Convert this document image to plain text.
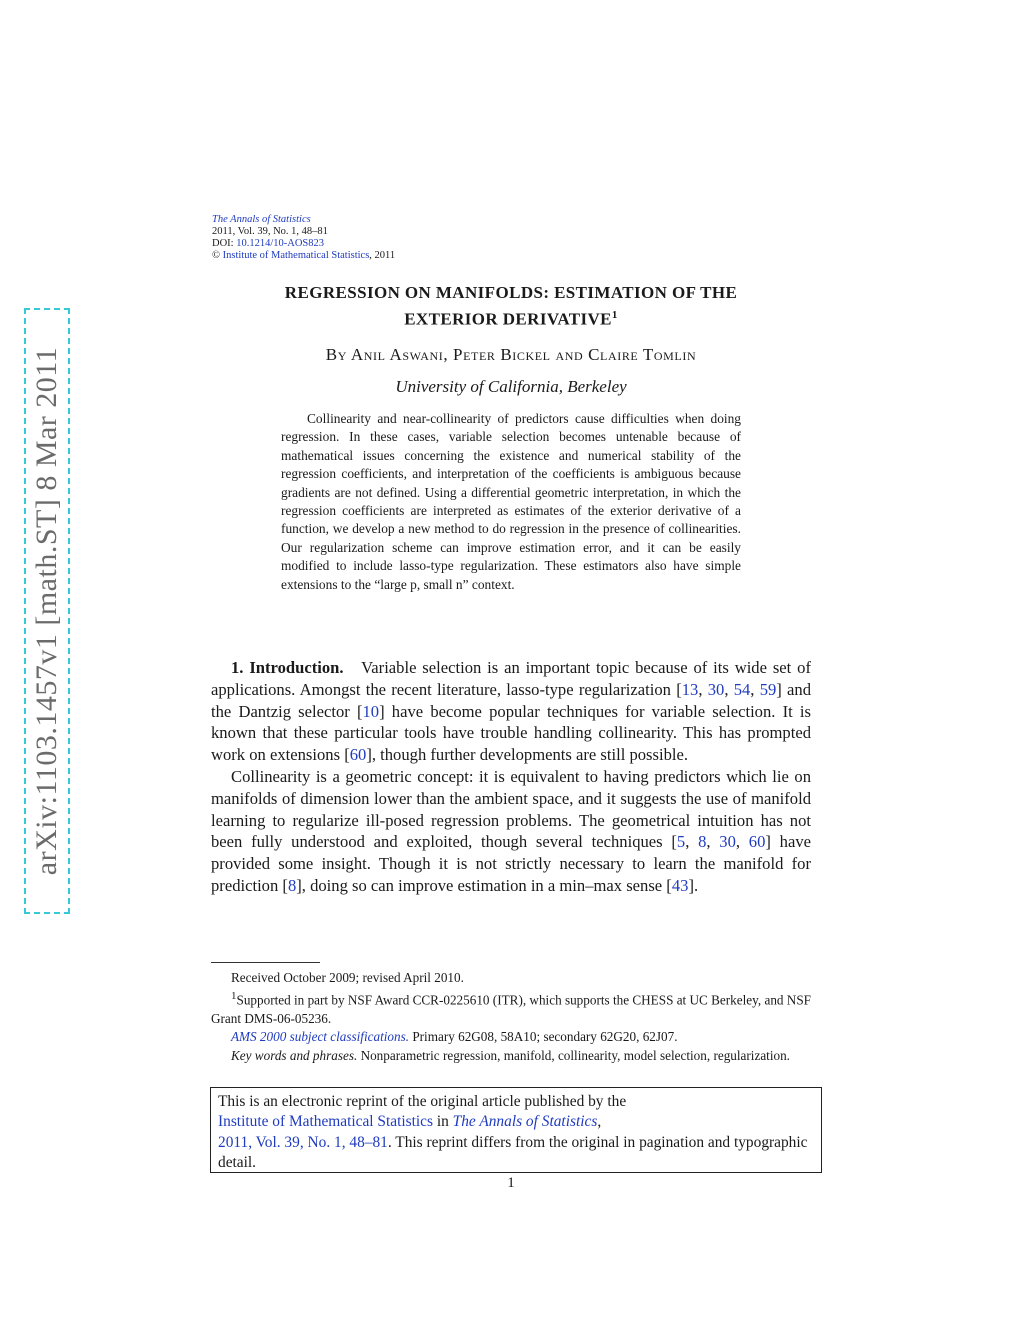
arXiv:1103.1457v1 [math.ST] 8 Mar 2011
The Annals of Statistics
2011, Vol. 39, No. 1, 48–81
DOI: 10.1214/10-AOS823
© Institute of Mathematical Statistics, 2011
REGRESSION ON MANIFOLDS: ESTIMATION OF THE
EXTERIOR DERIVATIVE$^1$
By Anil Aswani, Peter Bickel and Claire Tomlin
University of California, Berkeley

Collinearity and near-collinearity of predictors cause difficulties when doing regression. In these cases, variable selection becomes untenable because of mathematical issues concerning the existence and numerical stability of the regression coefficients, and interpretation of the coefficients is ambiguous because gradients are not defined. Using a differential geometric interpretation, in which the regression coefficients are interpreted as estimates of the exterior derivative of a function, we develop a new method to do regression in the presence of collinearities. Our regularization scheme can improve estimation error, and it can be easily modified to include lasso-type regularization. These estimators also have simple extensions to the “large p, small n” context.

1. Introduction. Variable selection is an important topic because of its wide set of applications. Amongst the recent literature, lasso-type regularization [13, 30, 54, 59] and the Dantzig selector [10] have become popular techniques for variable selection. It is known that these particular tools have trouble handling collinearity. This has prompted work on extensions [60], though further developments are still possible.

Collinearity is a geometric concept: it is equivalent to having predictors which lie on manifolds of dimension lower than the ambient space, and it suggests the use of manifold learning to regularize ill-posed regression problems. The geometrical intuition has not been fully understood and exploited, though several techniques [5, 8, 30, 60] have provided some insight. Though it is not strictly necessary to learn the manifold for prediction [8], doing so can improve estimation in a min–max sense [43].

Received October 2009; revised April 2010.

$^1$Supported in part by NSF Award CCR-0225610 (ITR), which supports the CHESS at UC Berkeley, and NSF Grant DMS-06-05236.

AMS 2000 subject classifications. Primary 62G08, 58A10; secondary 62G20, 62J07.

Key words and phrases. Nonparametric regression, manifold, collinearity, model selection, regularization.

This is an electronic reprint of the original article published by the
Institute of Mathematical Statistics in The Annals of Statistics,
2011, Vol. 39, No. 1, 48–81. This reprint differs from the original in pagination and typographic detail.
1
